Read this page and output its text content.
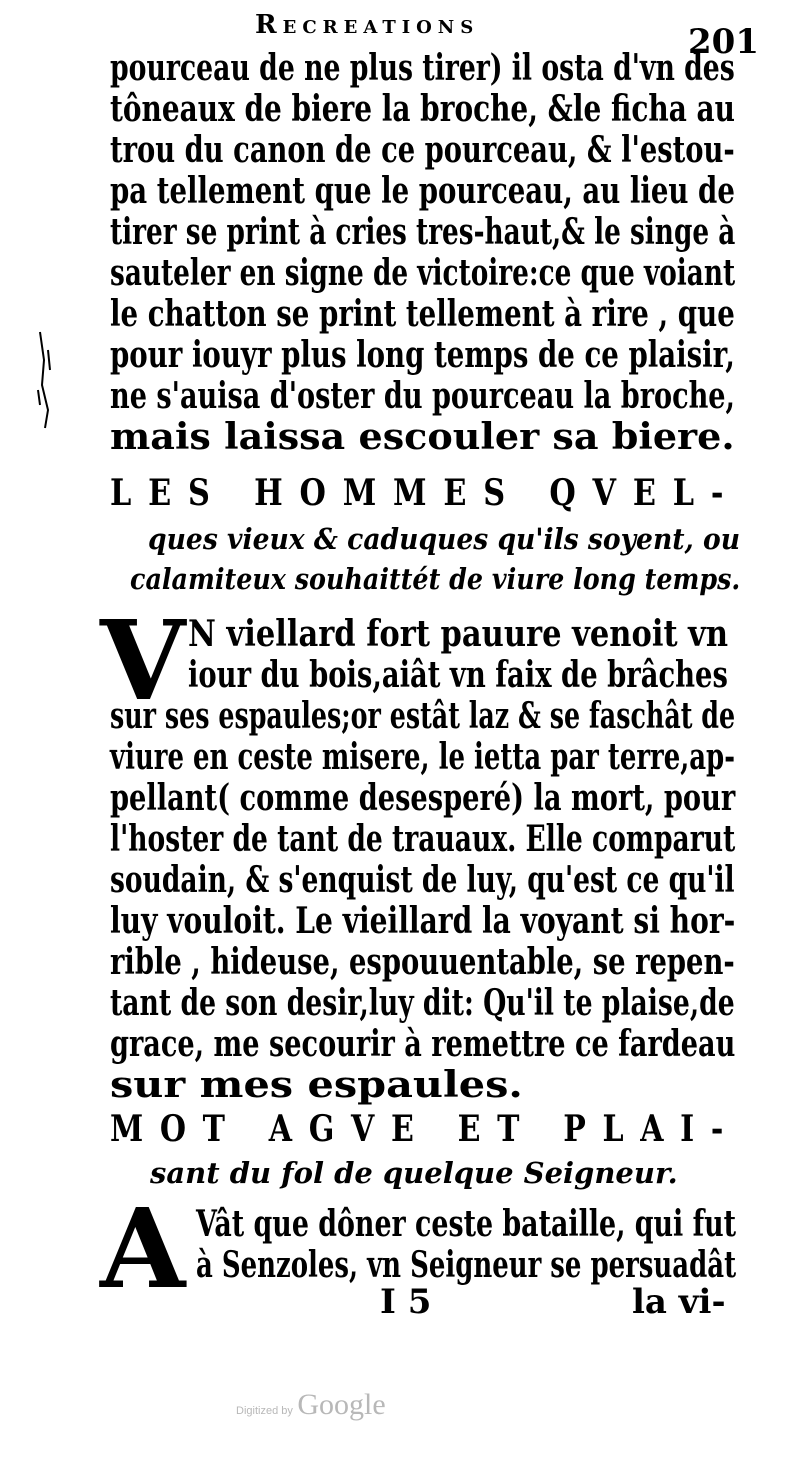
Recreations	201
pourceau de ne plus tirer) il osta d'vn des
tôneaux de biere la broche, &le ficha au
trou du canon de ce pourceau, & l'estou-
pa tellement que le pourceau, au lieu de
tirer se print à cries tres-haut,& le singe à
sauteler en signe de victoire:ce que voiant
le chatton se print tellement à rire , que
pour iouyr plus long temps de ce plaisir,
ne s'auisa d'oster du pourceau la broche,
mais laissa escouler sa biere.
LES HOMMES QVEL-
ques vieux & caduques qu'ils soyent, ou
calamiteux souhaittét de viure long temps.
V N viellard fort pauure venoit vn
iour du bois,aiât vn faix de brâches
sur ses espaules;or estât laz & se faschât de
viure en ceste misere, le ietta par terre,ap-
pellant( comme desesperé) la mort, pour
l'hoster de tant de trauaux. Elle comparut
soudain, & s'enquist de luy, qu'est ce qu'il
luy vouloit. Le vieillard la voyant si hor-
rible , hideuse, espouuentable, se repen-
tant de son desir,luy dit: Qu'il te plaise,de
grace, me secourir à remettre ce fardeau
sur mes espaules.
MOT AGVE ET PLAI-
sant du fol de quelque Seigneur.
A Vât que dôner ceste bataille, qui fut
à Senzoles, vn Seigneur se persuadât
I 5	la vi-
Digitized by Google
